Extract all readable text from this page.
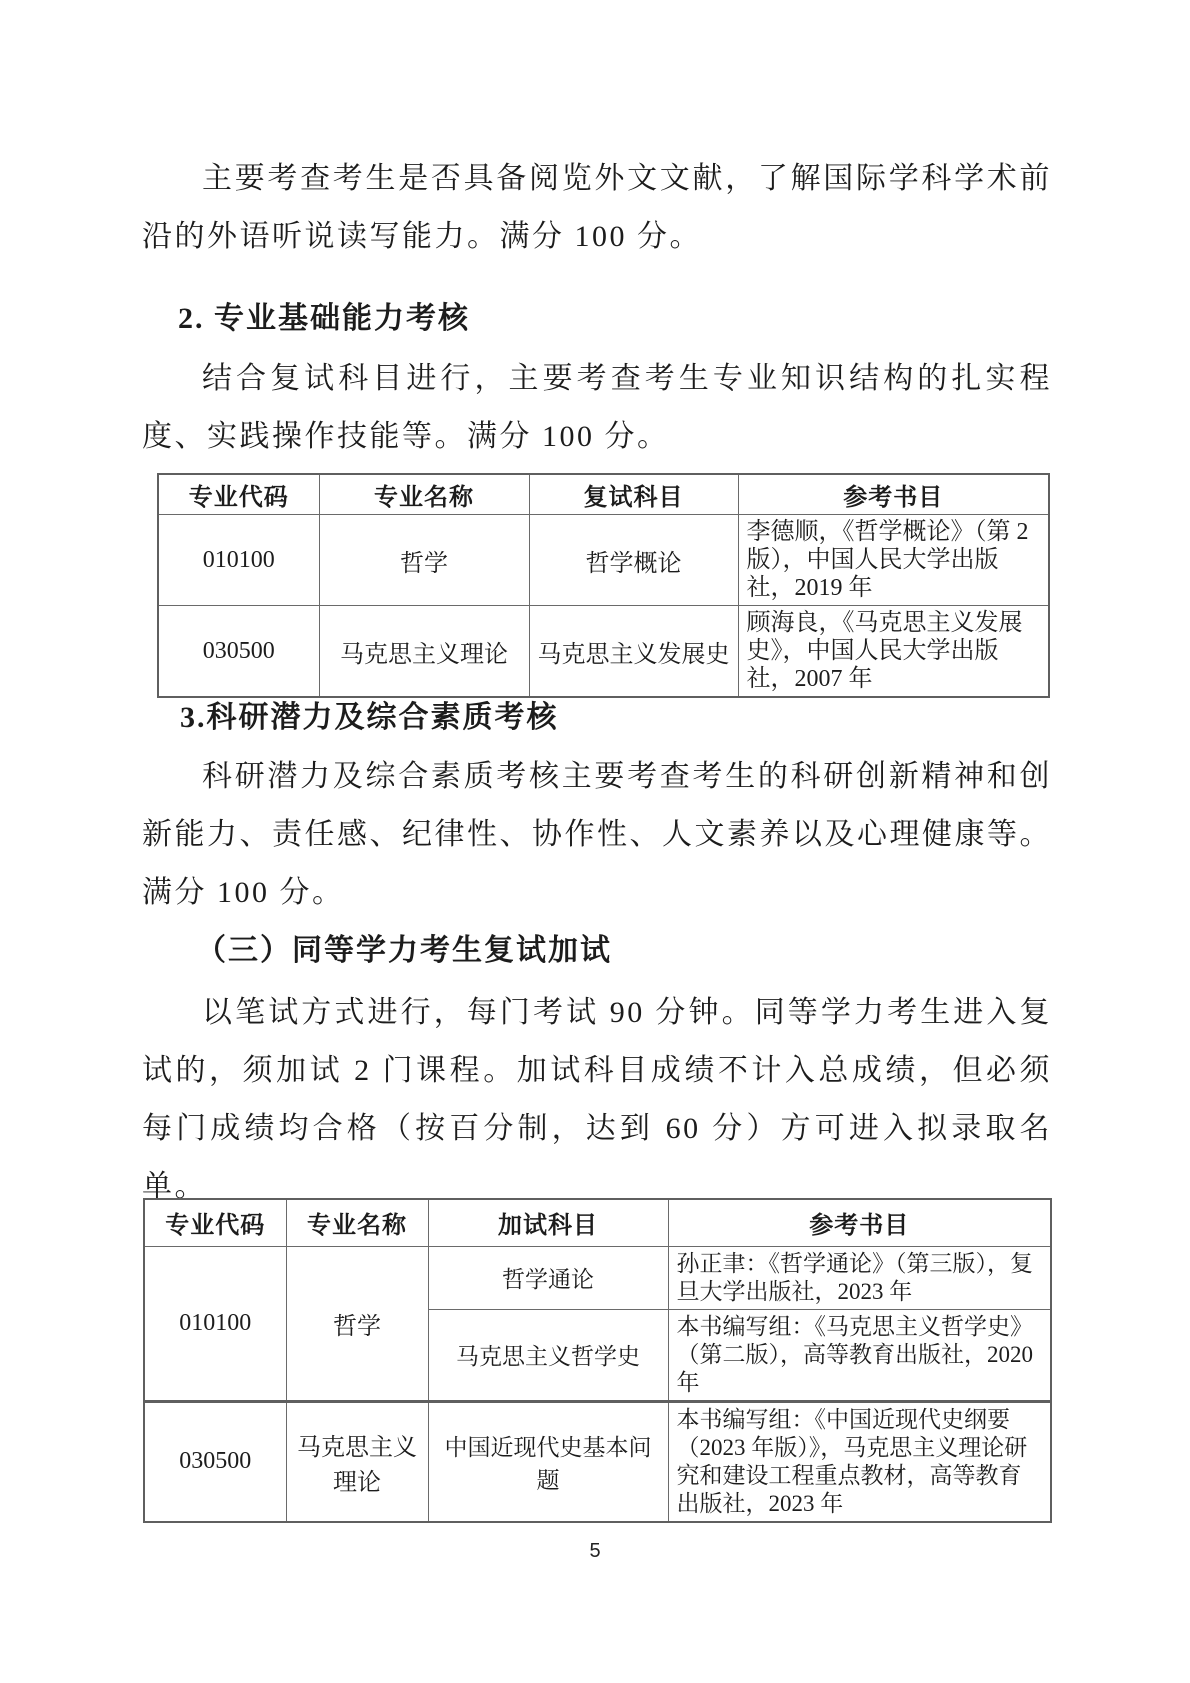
主要考查考生是否具备阅览外文文献，了解国际学科学术前沿的外语听说读写能力。满分 100 分。

2. 专业基础能力考核

结合复试科目进行，主要考查考生专业知识结构的扎实程度、实践操作技能等。满分 100 分。

专业代码	专业名称	复试科目	参考书目
010100	哲学	哲学概论	李德顺，《哲学概论》（第 2 版），中国人民大学出版社，2019 年
030500	马克思主义理论	马克思主义发展史	顾海良，《马克思主义发展史》，中国人民大学出版社，2007 年
3.科研潜力及综合素质考核

科研潜力及综合素质考核主要考查考生的科研创新精神和创新能力、责任感、纪律性、协作性、人文素养以及心理健康等。满分 100 分。

（三）同等学力考生复试加试

以笔试方式进行，每门考试 90 分钟。同等学力考生进入复试的，须加试 2 门课程。加试科目成绩不计入总成绩，但必须每门成绩均合格（按百分制，达到 60 分）方可进入拟录取名单。

专业代码	专业名称	加试科目	参考书目
010100	哲学	哲学通论	孙正聿：《哲学通论》（第三版），复旦大学出版社，2023 年
		马克思主义哲学史	本书编写组：《马克思主义哲学史》（第二版），高等教育出版社，2020 年
030500	马克思主义理论	中国近现代史基本问题	本书编写组：《中国近现代史纲要（2023 年版）》，马克思主义理论研究和建设工程重点教材，高等教育出版社，2023 年
5
